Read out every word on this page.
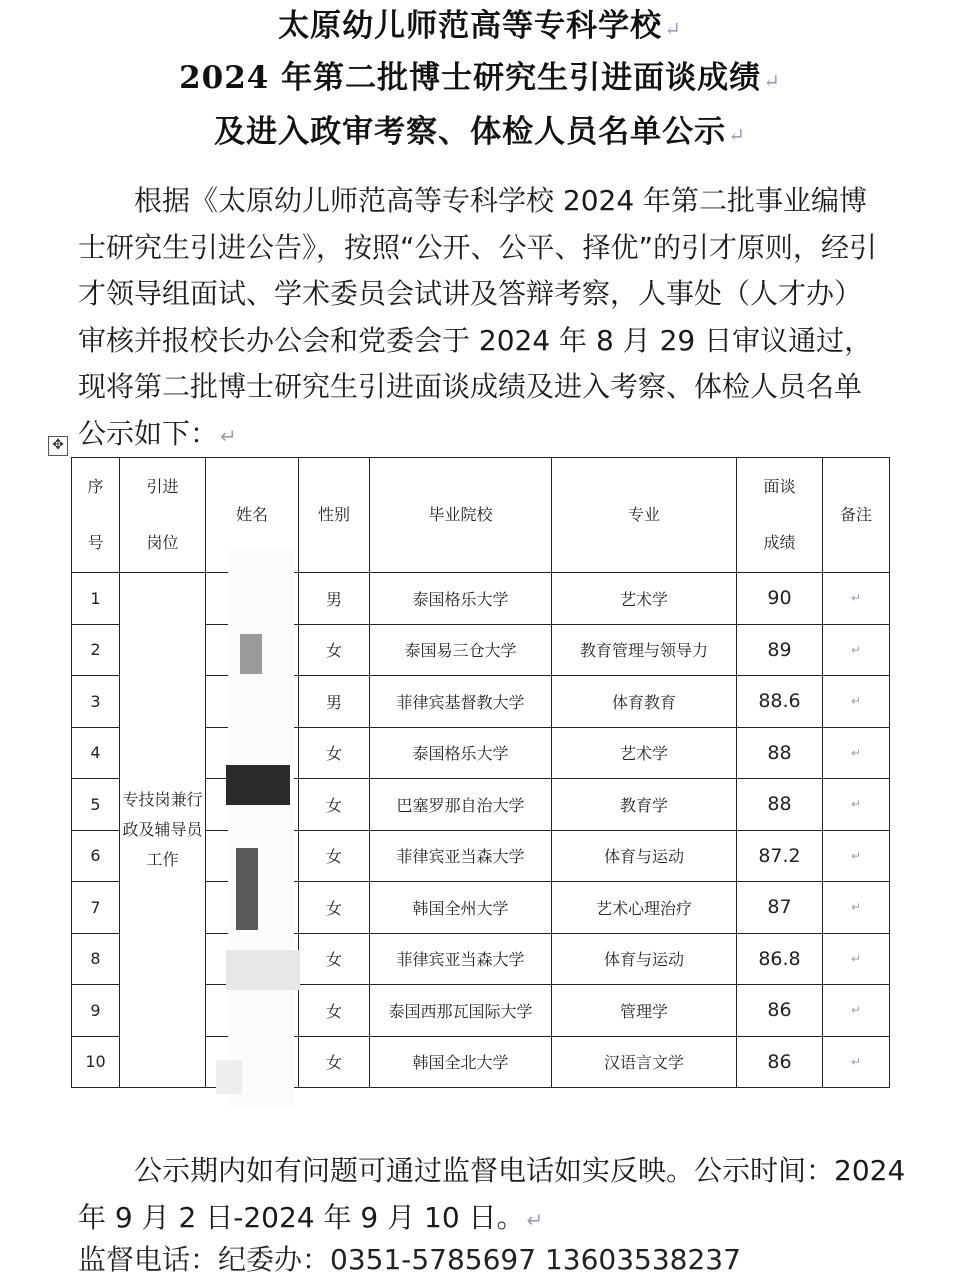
太原幼儿师范高等专科学校 ↵
2024 年第二批博士研究生引进面谈成绩 ↵
及进入政审考察、体检人员名单公示 ↵
根据《太原幼儿师范高等专科学校 2024 年第二批事业编博士研究生引进公告》，按照“公开、公平、择优”的引才原则，经引才领导组面试、学术委员会试讲及答辩考察，人事处（人才办）审核并报校长办公会和党委会于 2024 年 8 月 29 日审议通过，现将第二批博士研究生引进面谈成绩及进入考察、体检人员名单公示如下： ↵
✥
序号	引进岗位	姓名	性别	毕业院校	专业	面谈成绩	备注
1	专技岗兼行政及辅导员工作		男	泰国格乐大学	艺术学	90	↵
2			女	泰国易三仓大学	教育管理与领导力	89	↵
3			男	菲律宾基督教大学	体育教育	88.6	↵
4			女	泰国格乐大学	艺术学	88	↵
5			女	巴塞罗那自治大学	教育学	88	↵
6			女	菲律宾亚当森大学	体育与运动	87.2	↵
7			女	韩国全州大学	艺术心理治疗	87	↵
8			女	菲律宾亚当森大学	体育与运动	86.8	↵
9			女	泰国西那瓦国际大学	管理学	86	↵
10			女	韩国全北大学	汉语言文学	86	↵
公示期内如有问题可通过监督电话如实反映。公示时间：2024 年 9 月 2 日-2024 年 9 月 10 日。 ↵
监督电话：纪委办：0351-5785697 13603538237
